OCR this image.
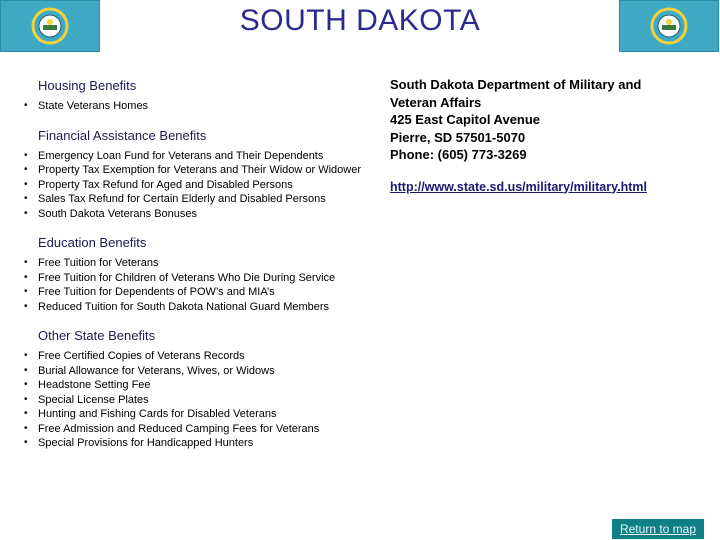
SOUTH DAKOTA
Housing Benefits
• State Veterans Homes
Financial Assistance Benefits
• Emergency Loan Fund for Veterans and Their Dependents
• Property Tax Exemption for Veterans and Their Widow or Widower
• Property Tax Refund for Aged and Disabled Persons
• Sales Tax Refund for Certain Elderly and Disabled Persons
• South Dakota Veterans Bonuses
Education Benefits
• Free Tuition for Veterans
• Free Tuition for Children of Veterans Who Die During Service
• Free Tuition for Dependents of POW’s and MIA’s
• Reduced Tuition for South Dakota National Guard Members
Other State Benefits
• Free Certified Copies of Veterans Records
• Burial Allowance for Veterans, Wives, or Widows
• Headstone Setting Fee
• Special License Plates
• Hunting and Fishing Cards for Disabled Veterans
• Free Admission and Reduced Camping Fees for Veterans
• Special Provisions for Handicapped Hunters
South Dakota Department of Military and
Veteran Affairs
425 East Capitol Avenue
Pierre, SD 57501-5070
Phone: (605) 773-3269
http://www.state.sd.us/military/military.html
Return to map
